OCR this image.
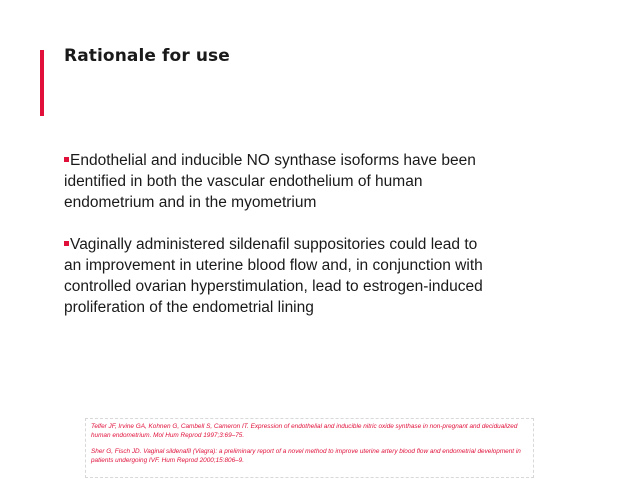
Rationale for use

Endothelial and inducible NO synthase isoforms have been identified in both the vascular endothelium of human endometrium and in the myometrium

Vaginally administered sildenafil suppositories could lead to an improvement in uterine blood flow and, in conjunction with controlled ovarian hyperstimulation, lead to estrogen-induced proliferation of the endometrial lining

Telfer JF, Irvine GA, Kohnen G, Cambell S, Cameron IT. Expression of endothelial and inducible nitric oxide synthase in non-pregnant and decidualized human endometrium. Mol Hum Reprod 1997;3:69–75.

Sher G, Fisch JD. Vaginal sildenafil (Viagra): a preliminary report of a novel method to improve uterine artery blood flow and endometrial development in patients undergoing IVF. Hum Reprod 2000;15:806–9.
